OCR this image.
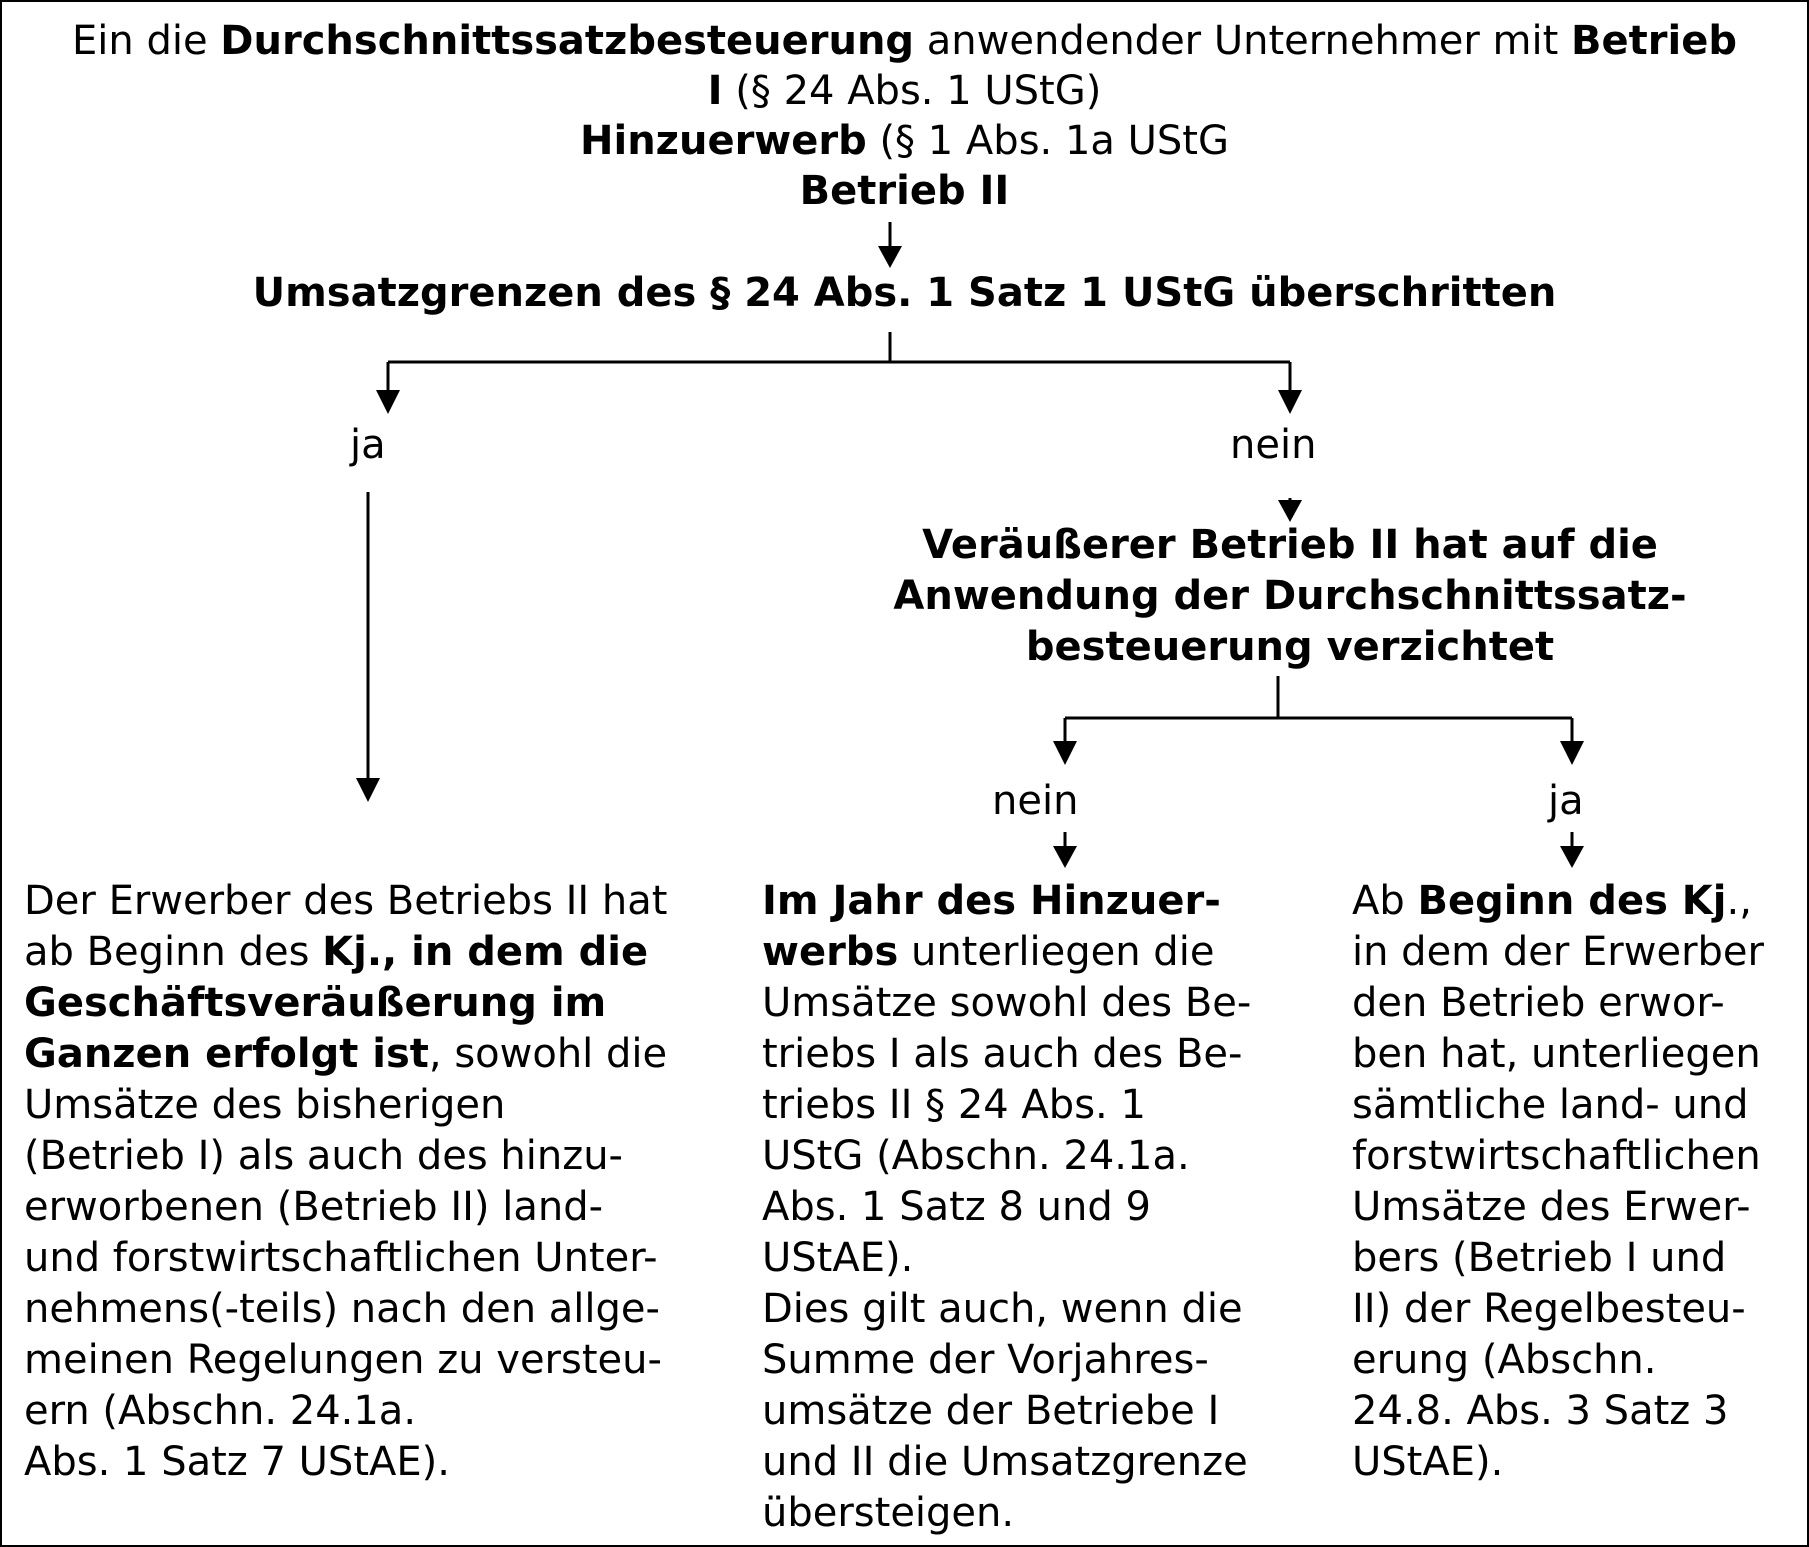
Ein die Durchschnittssatzbesteuerung anwendender Unternehmer mit Betrieb
I (§ 24 Abs. 1 UStG)
Hinzuerwerb (§ 1 Abs. 1a UStG
Betrieb II
Umsatzgrenzen des § 24 Abs. 1 Satz 1 UStG überschritten
ja	nein
Veräußerer Betrieb II hat auf die
Anwendung der Durchschnittssatz-
besteuerung verzichtet
nein	ja
Der Erwerber des Betriebs II hat
ab Beginn des Kj., in dem die
Geschäftsveräußerung im
Ganzen erfolgt ist, sowohl die
Umsätze des bisherigen
(Betrieb I) als auch des hinzu-
erworbenen (Betrieb II) land-
und forstwirtschaftlichen Unter-
nehmens(-teils) nach den allge-
meinen Regelungen zu versteu-
ern (Abschn. 24.1a.
Abs. 1 Satz 7 UStAE).
Im Jahr des Hinzuer-
werbs unterliegen die
Umsätze sowohl des Be-
triebs I als auch des Be-
triebs II § 24 Abs. 1
UStG (Abschn. 24.1a.
Abs. 1 Satz 8 und 9
UStAE).
Dies gilt auch, wenn die
Summe der Vorjahres-
umsätze der Betriebe I
und II die Umsatzgrenze
übersteigen.
Ab Beginn des Kj.,
in dem der Erwerber
den Betrieb erwor-
ben hat, unterliegen
sämtliche land- und
forstwirtschaftlichen
Umsätze des Erwer-
bers (Betrieb I und
II) der Regelbesteu-
erung (Abschn.
24.8. Abs. 3 Satz 3
UStAE).
